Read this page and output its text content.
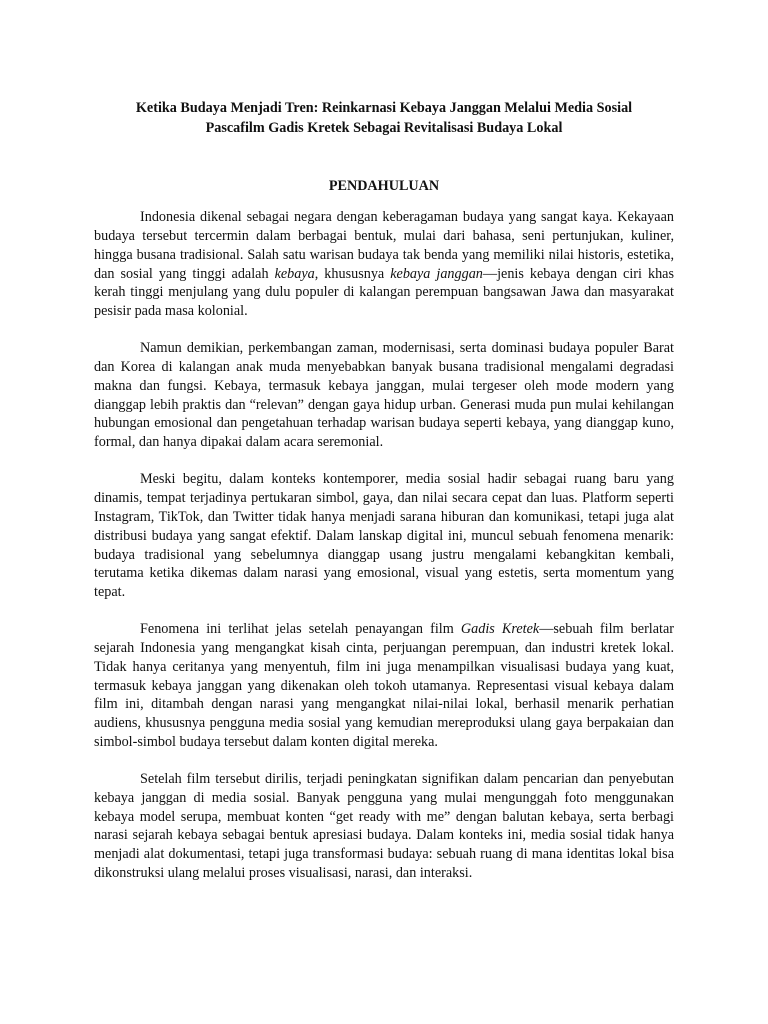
Ketika Budaya Menjadi Tren: Reinkarnasi Kebaya Janggan Melalui Media Sosial
Pascafilm Gadis Kretek Sebagai Revitalisasi Budaya Lokal

PENDAHULUAN

Indonesia dikenal sebagai negara dengan keberagaman budaya yang sangat kaya. Kekayaan budaya tersebut tercermin dalam berbagai bentuk, mulai dari bahasa, seni pertunjukan, kuliner, hingga busana tradisional. Salah satu warisan budaya tak benda yang memiliki nilai historis, estetika, dan sosial yang tinggi adalah kebaya, khususnya kebaya janggan—jenis kebaya dengan ciri khas kerah tinggi menjulang yang dulu populer di kalangan perempuan bangsawan Jawa dan masyarakat pesisir pada masa kolonial.

Namun demikian, perkembangan zaman, modernisasi, serta dominasi budaya populer Barat dan Korea di kalangan anak muda menyebabkan banyak busana tradisional mengalami degradasi makna dan fungsi. Kebaya, termasuk kebaya janggan, mulai tergeser oleh mode modern yang dianggap lebih praktis dan “relevan” dengan gaya hidup urban. Generasi muda pun mulai kehilangan hubungan emosional dan pengetahuan terhadap warisan budaya seperti kebaya, yang dianggap kuno, formal, dan hanya dipakai dalam acara seremonial.

Meski begitu, dalam konteks kontemporer, media sosial hadir sebagai ruang baru yang dinamis, tempat terjadinya pertukaran simbol, gaya, dan nilai secara cepat dan luas. Platform seperti Instagram, TikTok, dan Twitter tidak hanya menjadi sarana hiburan dan komunikasi, tetapi juga alat distribusi budaya yang sangat efektif. Dalam lanskap digital ini, muncul sebuah fenomena menarik: budaya tradisional yang sebelumnya dianggap usang justru mengalami kebangkitan kembali, terutama ketika dikemas dalam narasi yang emosional, visual yang estetis, serta momentum yang tepat.

Fenomena ini terlihat jelas setelah penayangan film Gadis Kretek—sebuah film berlatar sejarah Indonesia yang mengangkat kisah cinta, perjuangan perempuan, dan industri kretek lokal. Tidak hanya ceritanya yang menyentuh, film ini juga menampilkan visualisasi budaya yang kuat, termasuk kebaya janggan yang dikenakan oleh tokoh utamanya. Representasi visual kebaya dalam film ini, ditambah dengan narasi yang mengangkat nilai-nilai lokal, berhasil menarik perhatian audiens, khususnya pengguna media sosial yang kemudian mereproduksi ulang gaya berpakaian dan simbol-simbol budaya tersebut dalam konten digital mereka.

Setelah film tersebut dirilis, terjadi peningkatan signifikan dalam pencarian dan penyebutan kebaya janggan di media sosial. Banyak pengguna yang mulai mengunggah foto menggunakan kebaya model serupa, membuat konten “get ready with me” dengan balutan kebaya, serta berbagi narasi sejarah kebaya sebagai bentuk apresiasi budaya. Dalam konteks ini, media sosial tidak hanya menjadi alat dokumentasi, tetapi juga transformasi budaya: sebuah ruang di mana identitas lokal bisa dikonstruksi ulang melalui proses visualisasi, narasi, dan interaksi.
